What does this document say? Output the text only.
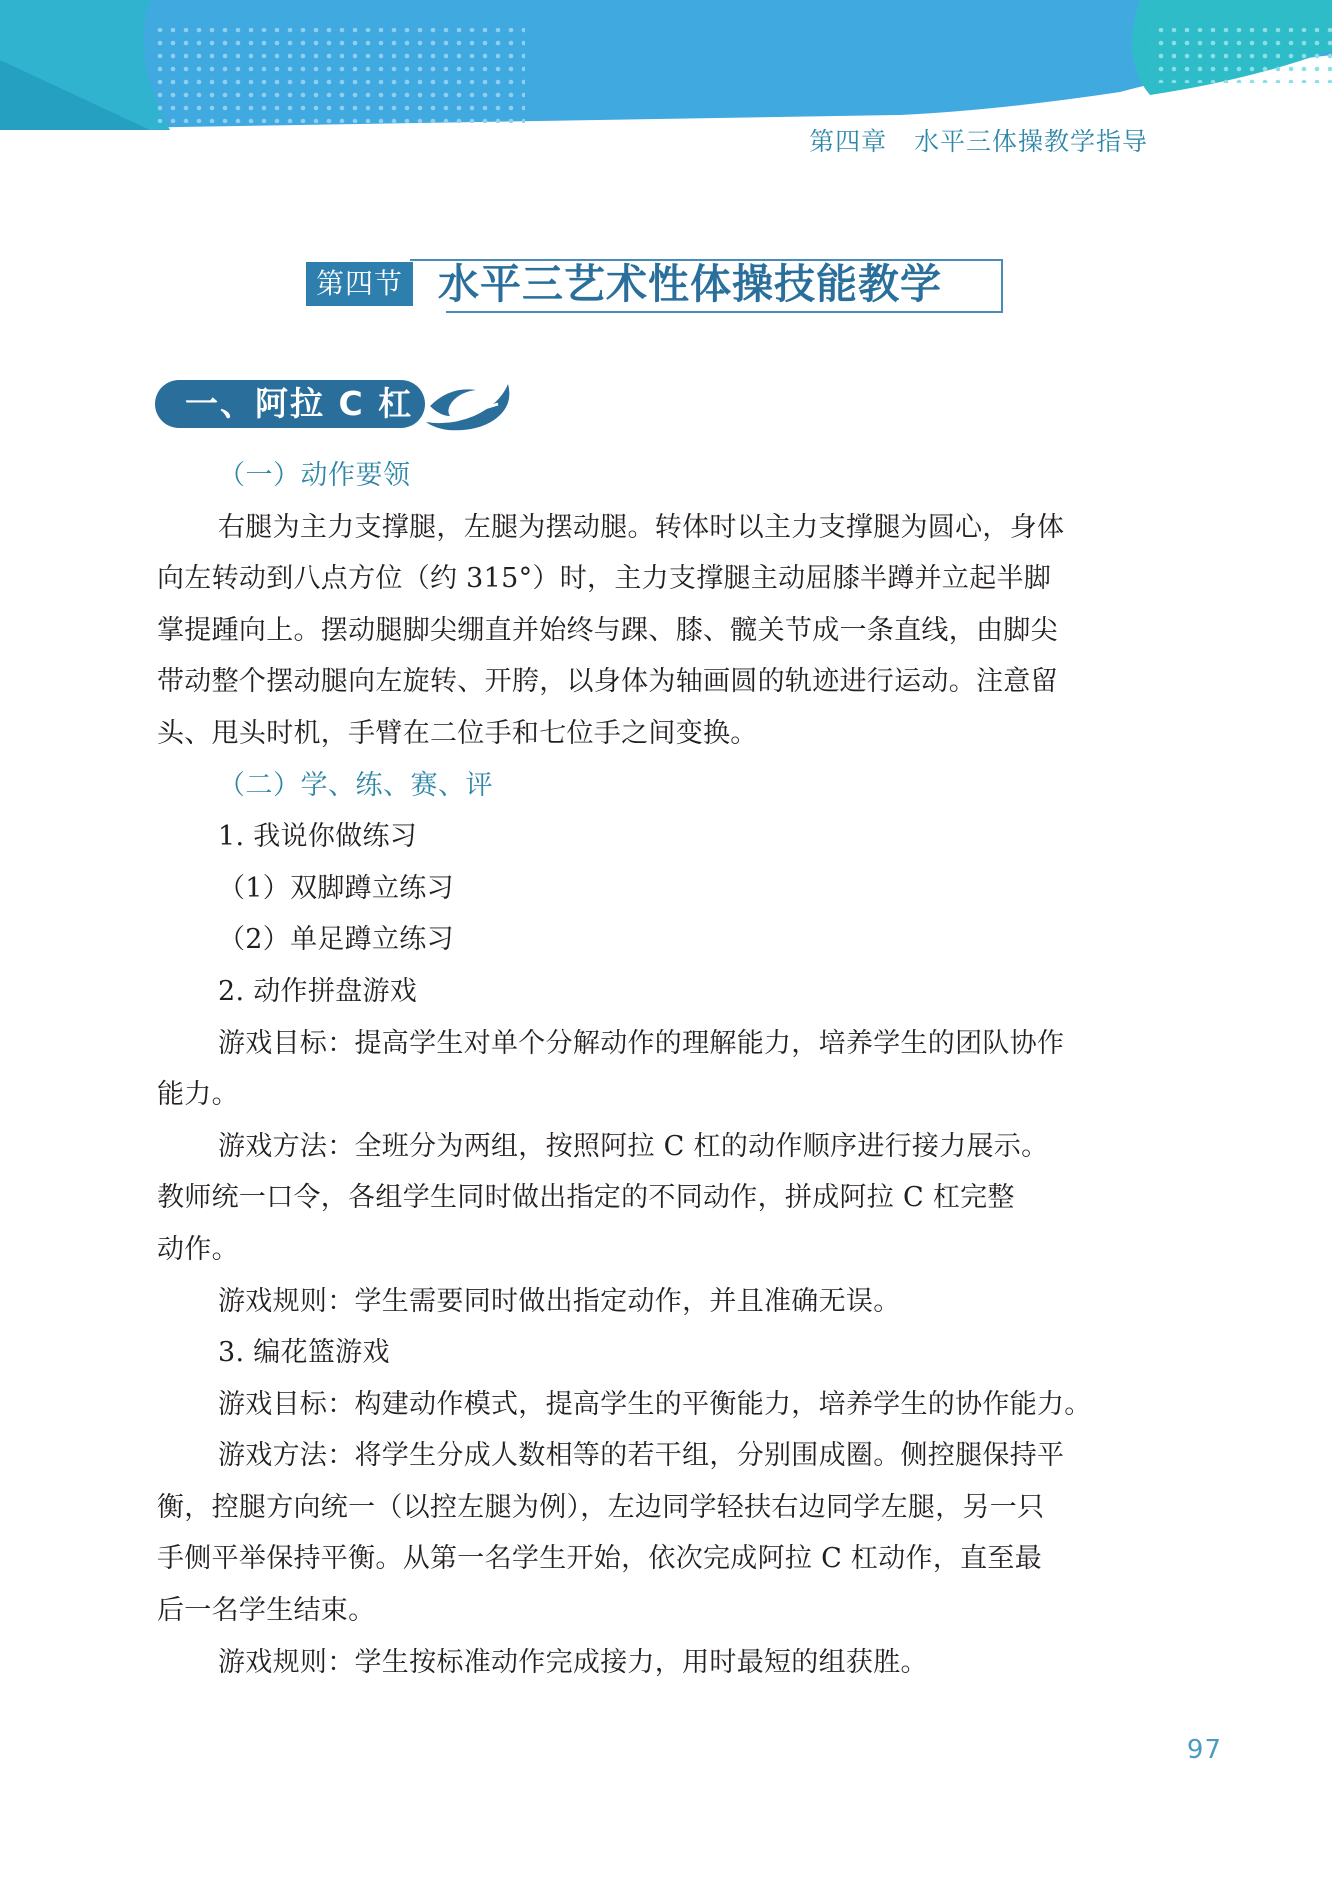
第四章   水平三体操教学指导
第四节 水平三艺术性体操技能教学
一、阿拉 C 杠

（一）动作要领

右腿为主力支撑腿，左腿为摆动腿。转体时以主力支撑腿为圆心，身体

向左转动到八点方位（约 315°）时，主力支撑腿主动屈膝半蹲并立起半脚

掌提踵向上。摆动腿脚尖绷直并始终与踝、膝、髋关节成一条直线，由脚尖

带动整个摆动腿向左旋转、开胯，以身体为轴画圆的轨迹进行运动。注意留

头、甩头时机，手臂在二位手和七位手之间变换。

（二）学、练、赛、评

1. 我说你做练习

（1）双脚蹲立练习

（2）单足蹲立练习

2. 动作拼盘游戏

游戏目标：提高学生对单个分解动作的理解能力，培养学生的团队协作

能力。

游戏方法：全班分为两组，按照阿拉 C 杠的动作顺序进行接力展示。

教师统一口令，各组学生同时做出指定的不同动作，拼成阿拉 C 杠完整

动作。

游戏规则：学生需要同时做出指定动作，并且准确无误。

3. 编花篮游戏

游戏目标：构建动作模式，提高学生的平衡能力，培养学生的协作能力。

游戏方法：将学生分成人数相等的若干组，分别围成圈。侧控腿保持平

衡，控腿方向统一（以控左腿为例），左边同学轻扶右边同学左腿，另一只

手侧平举保持平衡。从第一名学生开始，依次完成阿拉 C 杠动作，直至最

后一名学生结束。

游戏规则：学生按标准动作完成接力，用时最短的组获胜。

97
